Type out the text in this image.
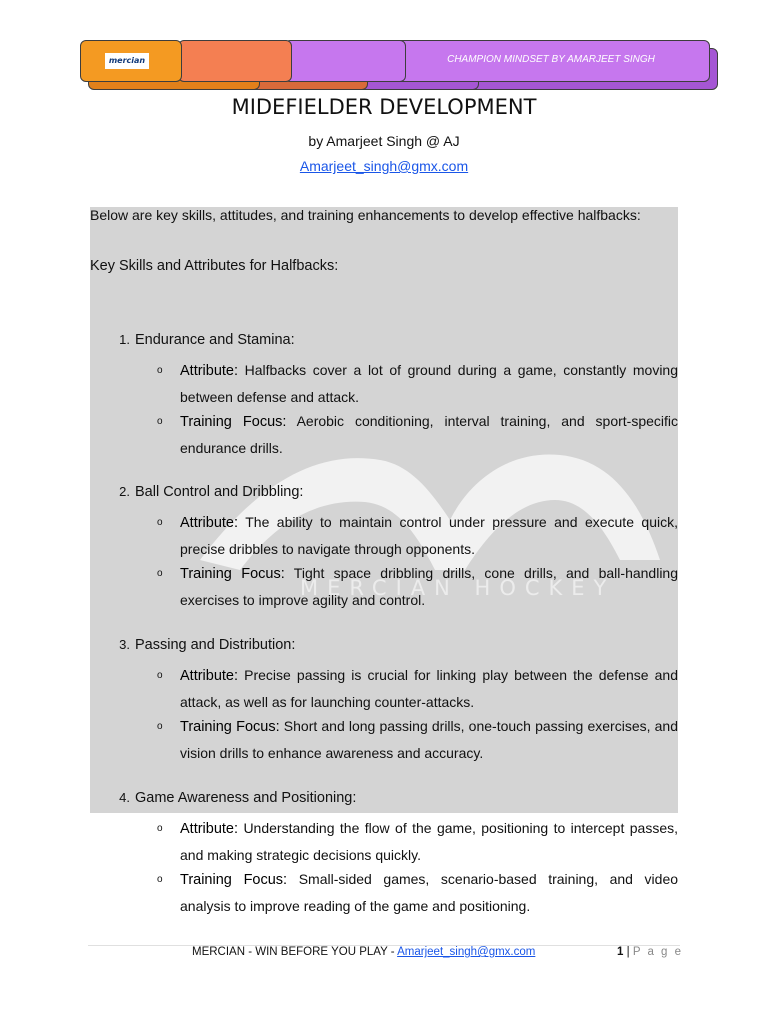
mercian	CHAMPION MINDSET BY AMARJEET SINGH
MIDEFIELDER DEVELOPMENT
by Amarjeet Singh @ AJ
Amarjeet_singh@gmx.com
MERCIAN HOCKEY

Below are key skills, attitudes, and training enhancements to develop effective halfbacks:

Key Skills and Attributes for Halfbacks:

1. Endurance and Stamina:
o Attribute: Halfbacks cover a lot of ground during a game, constantly moving between defense and attack.
o Training Focus: Aerobic conditioning, interval training, and sport-specific endurance drills.
2. Ball Control and Dribbling:
o Attribute: The ability to maintain control under pressure and execute quick, precise dribbles to navigate through opponents.
o Training Focus: Tight space dribbling drills, cone drills, and ball-handling exercises to improve agility and control.
3. Passing and Distribution:
o Attribute: Precise passing is crucial for linking play between the defense and attack, as well as for launching counter-attacks.
o Training Focus: Short and long passing drills, one-touch passing exercises, and vision drills to enhance awareness and accuracy.
4. Game Awareness and Positioning:
o Attribute: Understanding the flow of the game, positioning to intercept passes, and making strategic decisions quickly.
o Training Focus: Small-sided games, scenario-based training, and video analysis to improve reading of the game and positioning.
MERCIAN - WIN BEFORE YOU PLAY - Amarjeet_singh@gmx.com	1 | P a g e
